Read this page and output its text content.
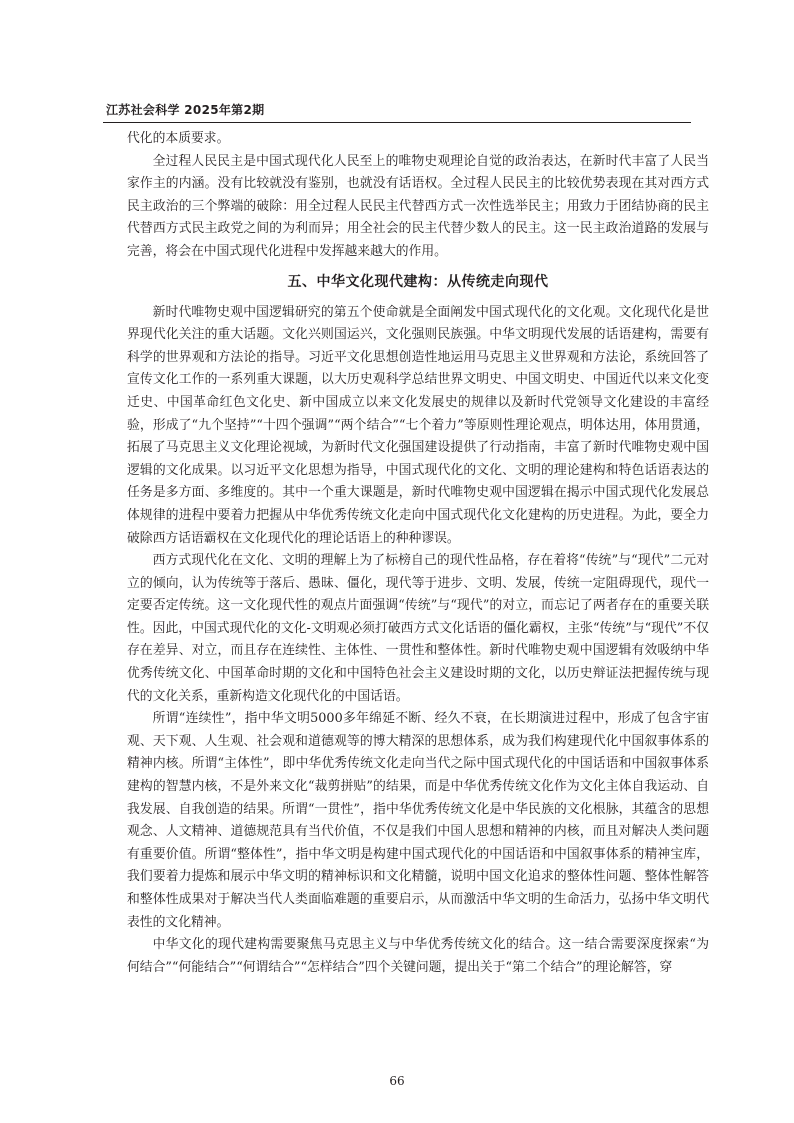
江苏社会科学 2025年第2期

代化的本质要求。

全过程人民民主是中国式现代化人民至上的唯物史观理论自觉的政治表达，在新时代丰富了人民当家作主的内涵。没有比较就没有鉴别，也就没有话语权。全过程人民民主的比较优势表现在其对西方式民主政治的三个弊端的破除：用全过程人民民主代替西方式一次性选举民主；用致力于团结协商的民主代替西方式民主政党之间的为利而异；用全社会的民主代替少数人的民主。这一民主政治道路的发展与完善，将会在中国式现代化进程中发挥越来越大的作用。

五、中华文化现代建构：从传统走向现代

新时代唯物史观中国逻辑研究的第五个使命就是全面阐发中国式现代化的文化观。文化现代化是世界现代化关注的重大话题。文化兴则国运兴，文化强则民族强。中华文明现代发展的话语建构，需要有科学的世界观和方法论的指导。习近平文化思想创造性地运用马克思主义世界观和方法论，系统回答了宣传文化工作的一系列重大课题，以大历史观科学总结世界文明史、中国文明史、中国近代以来文化变迁史、中国革命红色文化史、新中国成立以来文化发展史的规律以及新时代党领导文化建设的丰富经验，形成了“九个坚持”“十四个强调”“两个结合”“七个着力”等原则性理论观点，明体达用，体用贯通，拓展了马克思主义文化理论视域，为新时代文化强国建设提供了行动指南，丰富了新时代唯物史观中国逻辑的文化成果。以习近平文化思想为指导，中国式现代化的文化、文明的理论建构和特色话语表达的任务是多方面、多维度的。其中一个重大课题是，新时代唯物史观中国逻辑在揭示中国式现代化发展总体规律的进程中要着力把握从中华优秀传统文化走向中国式现代化文化建构的历史进程。为此，要全力破除西方话语霸权在文化现代化的理论话语上的种种谬误。

西方式现代化在文化、文明的理解上为了标榜自己的现代性品格，存在着将“传统”与“现代”二元对立的倾向，认为传统等于落后、愚昧、僵化，现代等于进步、文明、发展，传统一定阻碍现代，现代一定要否定传统。这一文化现代性的观点片面强调“传统”与“现代”的对立，而忘记了两者存在的重要关联性。因此，中国式现代化的文化-文明观必须打破西方式文化话语的僵化霸权，主张“传统”与“现代”不仅存在差异、对立，而且存在连续性、主体性、一贯性和整体性。新时代唯物史观中国逻辑有效吸纳中华优秀传统文化、中国革命时期的文化和中国特色社会主义建设时期的文化，以历史辩证法把握传统与现代的文化关系，重新构造文化现代化的中国话语。

所谓“连续性”，指中华文明5000多年绵延不断、经久不衰，在长期演进过程中，形成了包含宇宙观、天下观、人生观、社会观和道德观等的博大精深的思想体系，成为我们构建现代化中国叙事体系的精神内核。所谓“主体性”，即中华优秀传统文化走向当代之际中国式现代化的中国话语和中国叙事体系建构的智慧内核，不是外来文化“裁剪拼贴”的结果，而是中华优秀传统文化作为文化主体自我运动、自我发展、自我创造的结果。所谓“一贯性”，指中华优秀传统文化是中华民族的文化根脉，其蕴含的思想观念、人文精神、道德规范具有当代价值，不仅是我们中国人思想和精神的内核，而且对解决人类问题有重要价值。所谓“整体性”，指中华文明是构建中国式现代化的中国话语和中国叙事体系的精神宝库，我们要着力提炼和展示中华文明的精神标识和文化精髓，说明中国文化追求的整体性问题、整体性解答和整体性成果对于解决当代人类面临难题的重要启示，从而激活中华文明的生命活力，弘扬中华文明代表性的文化精神。

中华文化的现代建构需要聚焦马克思主义与中华优秀传统文化的结合。这一结合需要深度探索“为何结合”“何能结合”“何谓结合”“怎样结合”四个关键问题，提出关于“第二个结合”的理论解答，穿

66
